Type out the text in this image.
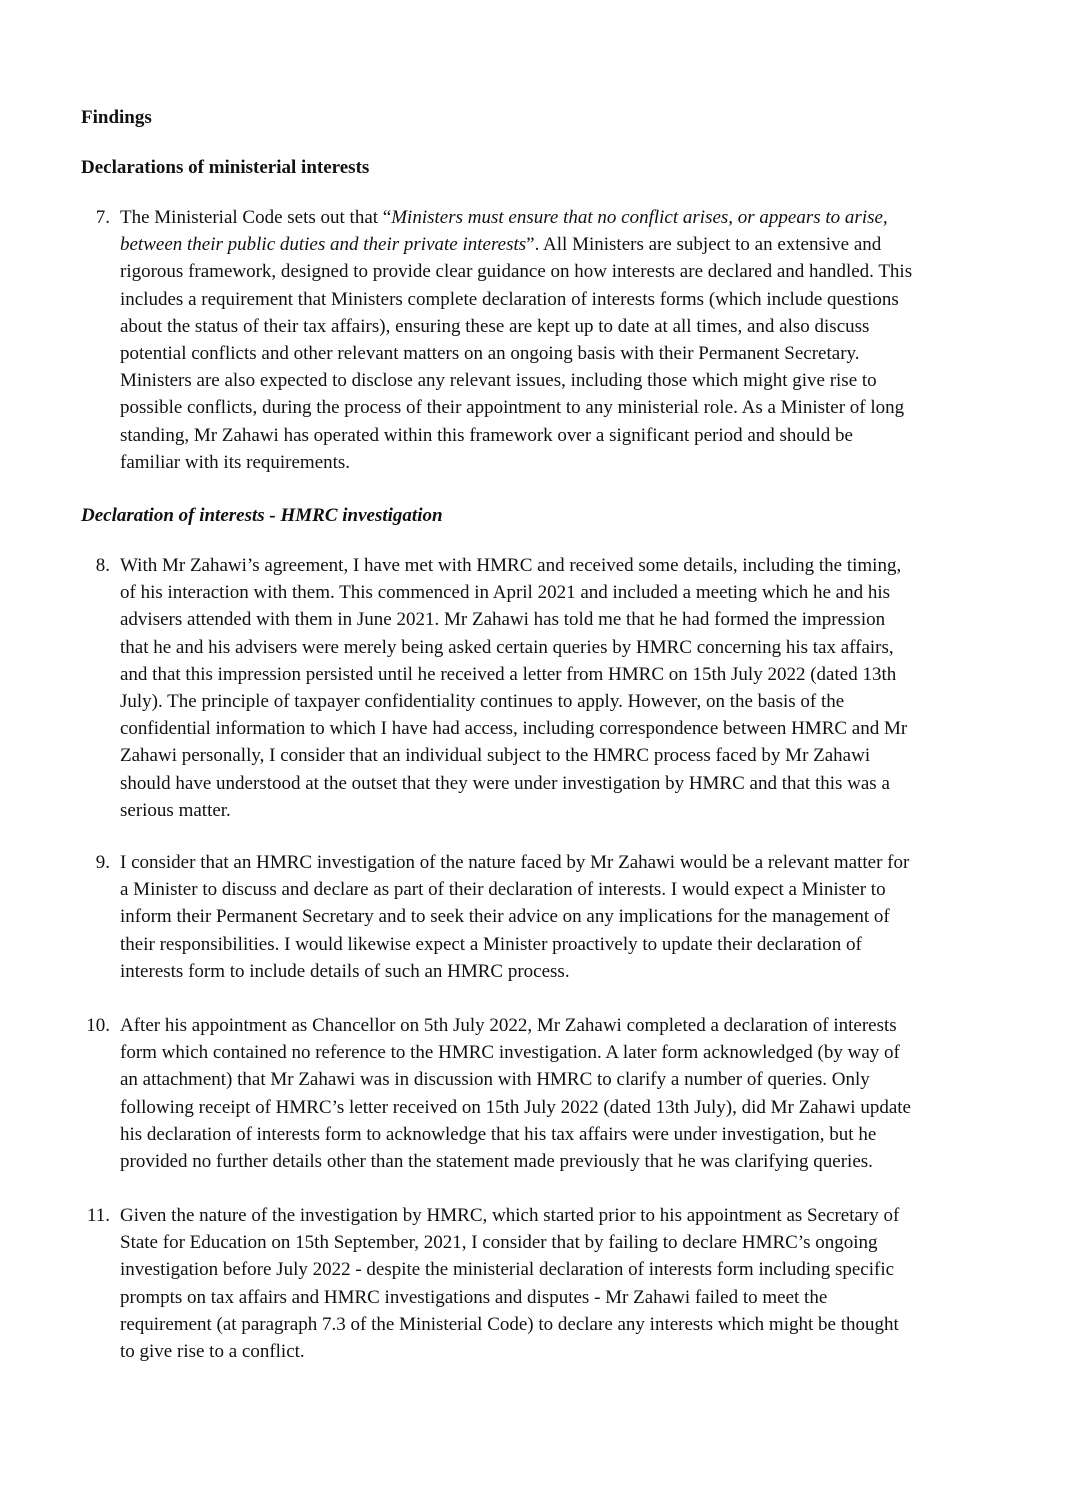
Findings
Declarations of ministerial interests
7. The Ministerial Code sets out that “Ministers must ensure that no conflict arises, or appears to arise,
between their public duties and their private interests”. All Ministers are subject to an extensive and
rigorous framework, designed to provide clear guidance on how interests are declared and handled. This
includes a requirement that Ministers complete declaration of interests forms (which include questions
about the status of their tax affairs), ensuring these are kept up to date at all times, and also discuss
potential conflicts and other relevant matters on an ongoing basis with their Permanent Secretary.
Ministers are also expected to disclose any relevant issues, including those which might give rise to
possible conflicts, during the process of their appointment to any ministerial role. As a Minister of long
standing, Mr Zahawi has operated within this framework over a significant period and should be
familiar with its requirements.
Declaration of interests - HMRC investigation
8. With Mr Zahawi’s agreement, I have met with HMRC and received some details, including the timing,
of his interaction with them. This commenced in April 2021 and included a meeting which he and his
advisers attended with them in June 2021. Mr Zahawi has told me that he had formed the impression
that he and his advisers were merely being asked certain queries by HMRC concerning his tax affairs,
and that this impression persisted until he received a letter from HMRC on 15th July 2022 (dated 13th
July). The principle of taxpayer confidentiality continues to apply. However, on the basis of the
confidential information to which I have had access, including correspondence between HMRC and Mr
Zahawi personally, I consider that an individual subject to the HMRC process faced by Mr Zahawi
should have understood at the outset that they were under investigation by HMRC and that this was a
serious matter.
9. I consider that an HMRC investigation of the nature faced by Mr Zahawi would be a relevant matter for
a Minister to discuss and declare as part of their declaration of interests. I would expect a Minister to
inform their Permanent Secretary and to seek their advice on any implications for the management of
their responsibilities. I would likewise expect a Minister proactively to update their declaration of
interests form to include details of such an HMRC process.
10. After his appointment as Chancellor on 5th July 2022, Mr Zahawi completed a declaration of interests
form which contained no reference to the HMRC investigation. A later form acknowledged (by way of
an attachment) that Mr Zahawi was in discussion with HMRC to clarify a number of queries. Only
following receipt of HMRC’s letter received on 15th July 2022 (dated 13th July), did Mr Zahawi update
his declaration of interests form to acknowledge that his tax affairs were under investigation, but he
provided no further details other than the statement made previously that he was clarifying queries.
11. Given the nature of the investigation by HMRC, which started prior to his appointment as Secretary of
State for Education on 15th September, 2021, I consider that by failing to declare HMRC’s ongoing
investigation before July 2022 - despite the ministerial declaration of interests form including specific
prompts on tax affairs and HMRC investigations and disputes - Mr Zahawi failed to meet the
requirement (at paragraph 7.3 of the Ministerial Code) to declare any interests which might be thought
to give rise to a conflict.
